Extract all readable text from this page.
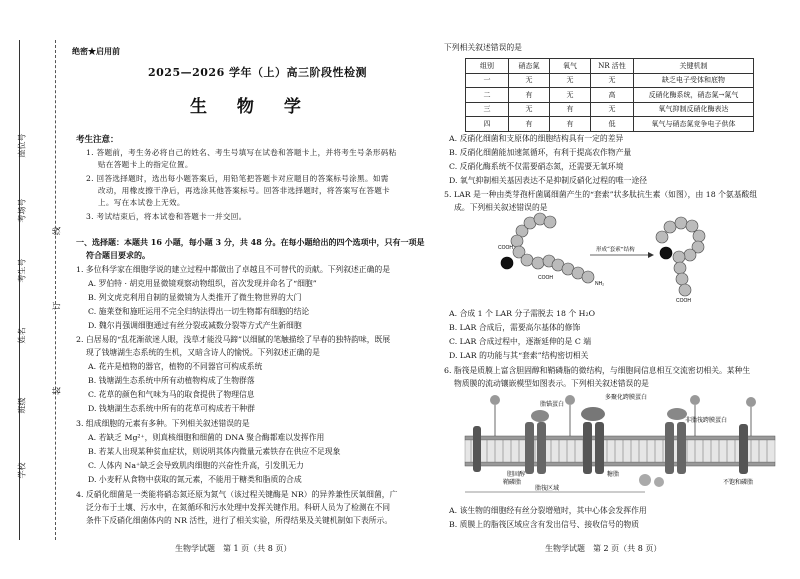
座位号
考场号
考生号
姓名
班级
学校
线
订
装
绝密★启用前
2025—2026 学年（上）高三阶段性检测
生 物 学
考生注意：
1. 答题前，考生务必将自己的姓名、考生号填写在试卷和答题卡上，并将考生号条形码粘
贴在答题卡上的指定位置。
2. 回答选择题时，选出每小题答案后，用铅笔把答题卡对应题目的答案标号涂黑。如需
改动，用橡皮擦干净后，再选涂其他答案标号。回答非选择题时，将答案写在答题卡
上。写在本试卷上无效。
3. 考试结束后，将本试卷和答题卡一并交回。
一、选择题：本题共 16 小题，每小题 3 分，共 48 分。在每小题给出的四个选项中，只有一项是
符合题目要求的。
1. 多位科学家在细胞学说的建立过程中都做出了卓越且不可替代的贡献。下列叙述正确的是
A. 罗伯特 · 胡克用显微镜观察动物组织，首次发现并命名了“细胞”
B. 列文虎克利用自制的显微镜为人类推开了微生物世界的大门
C. 施莱登和施旺运用不完全归纳法得出一切生物都有细胞的结论
D. 魏尔肖强调细胞通过有丝分裂或减数分裂等方式产生新细胞
2. 白居易的“乱花渐欲迷人眼，浅草才能没马蹄”以细腻的笔触描绘了早春的独特韵味，既展
现了钱塘湖生态系统的生机，又暗含诗人的愉悦。下列叙述正确的是
A. 花卉是植物的器官，植物的不同器官可构成系统
B. 钱塘湖生态系统中所有动植物构成了生物群落
C. 花草的颜色和气味为马的取食提供了物理信息
D. 钱塘湖生态系统中所有的花草可构成若干种群
3. 组成细胞的元素有多种。下列相关叙述错误的是
A. 若缺乏 Mg²⁺，则真核细胞和细菌的 DNA 聚合酶都难以发挥作用
B. 若某人出现某种贫血症状，则说明其体内微量元素铁存在供应不足现象
C. 人体内 Na⁺缺乏会导致肌肉细胞的兴奋性升高，引发肌无力
D. 小麦籽从食物中获取的氮元素，不能用于糖类和脂质的合成
4. 反硝化细菌是一类能将硝态氮还原为氮气（该过程关键酶是 NR）的异养兼性厌氧细菌，广
泛分布于土壤、污水中，在氮循环和污水处理中发挥关键作用。科研人员为了检测在不同
条件下反硝化细菌体内的 NR 活性，进行了相关实验，所得结果及关键机制如下表所示。
生物学试题　第 1 页（共 8 页）
下列相关叙述错误的是
组别	硝态氮	氧气	NR 活性	关键机制
一	无	无	无	缺乏电子受体和底物
二	有	无	高	反硝化酶系统，硝态氮→氮气
三	无	有	无	氧气抑制反硝化酶表达
四	有	有	低	氧气与硝态氮竞争电子供体
A. 反硝化细菌和支原体的细胞结构具有一定的差异
B. 反硝化细菌能加速氮循环，有利于提高农作物产量
C. 反硝化酶系统不仅需要硝态氮，还需要无氧环境
D. 氧气抑制相关基因表达不是抑制反硝化过程的唯一途径
5. LAR 是一种由类芽孢杆菌属细菌产生的“套索”状多肽抗生素（如图），由 18 个氨基酸组
成。下列相关叙述错误的是
COOH
COOH
NH₂
形成“套索”结构
COOH
A. 合成 1 个 LAR 分子需脱去 18 个 H₂O
B. LAR 合成后，需要高尔基体的修饰
C. LAR 合成过程中，逐渐延伸的是 C 端
D. LAR 的功能与其“套索”结构密切相关
6. 脂筏是质膜上富含胆固醇和鞘磷脂的微结构，与细胞间信息相互交流密切相关。某种生
物质膜的流动镶嵌模型如图表示。下列相关叙述错误的是
脂锚蛋白
多聚化跨膜蛋白
非脂筏跨膜蛋白
胆固醇
鞘磷脂
糖脂
不饱和磷脂
脂筏区域
A. 该生物的细胞经有丝分裂增殖时，其中心体会发挥作用
B. 质膜上的脂筏区域应含有发出信号、接收信号的物质
生物学试题　第 2 页（共 8 页）
